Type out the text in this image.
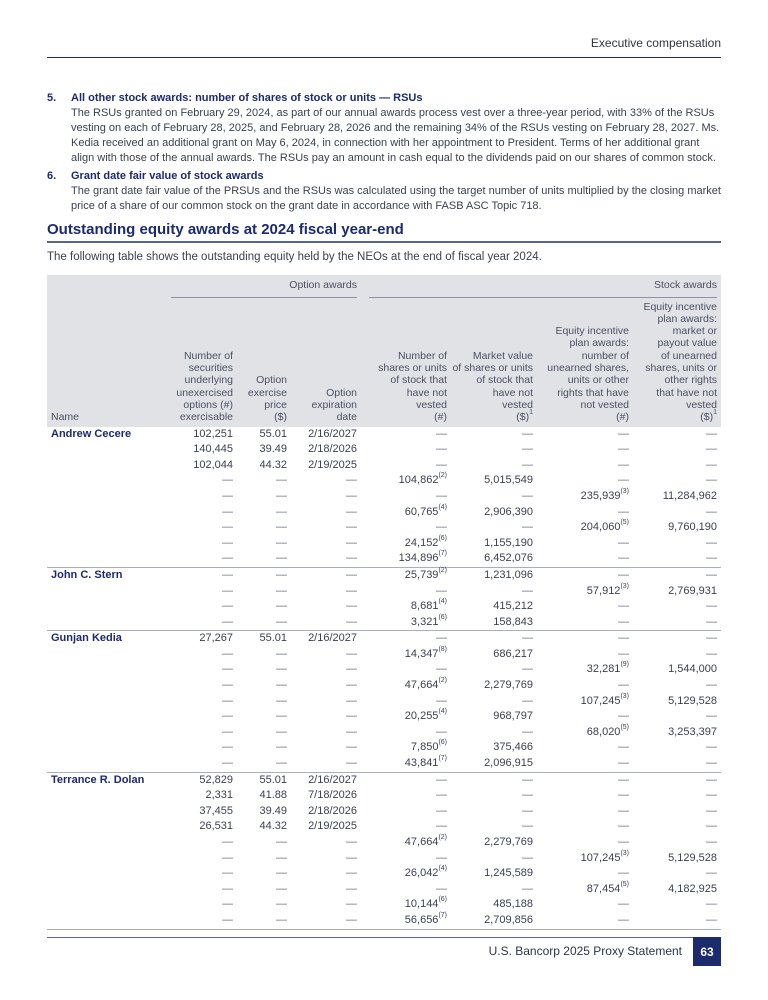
Executive compensation
5.	All other stock awards: number of shares of stock or units — RSUs
The RSUs granted on February 29, 2024, as part of our annual awards process vest over a three-year period, with 33% of the RSUs vesting on each of February 28, 2025, and February 28, 2026 and the remaining 34% of the RSUs vesting on February 28, 2027. Ms. Kedia received an additional grant on May 6, 2024, in connection with her appointment to President. Terms of her additional grant align with those of the annual awards. The RSUs pay an amount in cash equal to the dividends paid on our shares of common stock.
6.	Grant date fair value of stock awards
The grant date fair value of the PRSUs and the RSUs was calculated using the target number of units multiplied by the closing market price of a share of our common stock on the grant date in accordance with FASB ASC Topic 718.
Outstanding equity awards at 2024 fiscal year-end
The following table shows the outstanding equity held by the NEOs at the end of fiscal year 2024.

	Option awards			Stock awards			

Name	Number of
securities
underlying
unexercised
options (#)
exercisable	Option
exercise
price
($)	Option
expiration
date	Number of
shares or units
of stock that
have not
vested
(#)	Market value
of shares or units
of stock that
have not
vested
($)$^1$	Equity incentive
plan awards:
number of
unearned shares,
units or other
rights that have
not vested
(#)	Equity incentive
plan awards:
market or
payout value
of unearned
shares, units or
other rights
that have not
vested
($)$^1$
Andrew Cecere	102,251	55.01	2/16/2027	—	—	—	—
	140,445	39.49	2/18/2026	—	—	—	—
	102,044	44.32	2/19/2025	—	—	—	—
	—	—	—	104,862$^{(2)}$	5,015,549	—	—
	—	—	—	—	—	235,939$^{(3)}$	11,284,962
	—	—	—	60,765$^{(4)}$	2,906,390	—	—
	—	—	—	—	—	204,060$^{(5)}$	9,760,190
	—	—	—	24,152$^{(6)}$	1,155,190	—	—
	—	—	—	134,896$^{(7)}$	6,452,076	—	—
John C. Stern	—	—	—	25,739$^{(2)}$	1,231,096	—	—
	—	—	—	—	—	57,912$^{(3)}$	2,769,931
	—	—	—	8,681$^{(4)}$	415,212	—	—
	—	—	—	3,321$^{(6)}$	158,843	—	—
Gunjan Kedia	27,267	55.01	2/16/2027	—	—	—	—
	—	—	—	14,347$^{(8)}$	686,217	—	—
	—	—	—	—	—	32,281$^{(9)}$	1,544,000
	—	—	—	47,664$^{(2)}$	2,279,769	—	—
	—	—	—	—	—	107,245$^{(3)}$	5,129,528
	—	—	—	20,255$^{(4)}$	968,797	—	—
	—	—	—	—	—	68,020$^{(5)}$	3,253,397
	—	—	—	7,850$^{(6)}$	375,466	—	—
	—	—	—	43,841$^{(7)}$	2,096,915	—	—
Terrance R. Dolan	52,829	55.01	2/16/2027	—	—	—	—
	2,331	41.88	7/18/2026	—	—	—	—
	37,455	39.49	2/18/2026	—	—	—	—
	26,531	44.32	2/19/2025	—	—	—	—
	—	—	—	47,664$^{(2)}$	2,279,769	—	—
	—	—	—	—	—	107,245$^{(3)}$	5,129,528
	—	—	—	26,042$^{(4)}$	1,245,589	—	—
	—	—	—	—	—	87,454$^{(5)}$	4,182,925
	—	—	—	10,144$^{(6)}$	485,188	—	—
	—	—	—	56,656$^{(7)}$	2,709,856	—	—
U.S. Bancorp 2025 Proxy Statement	63
